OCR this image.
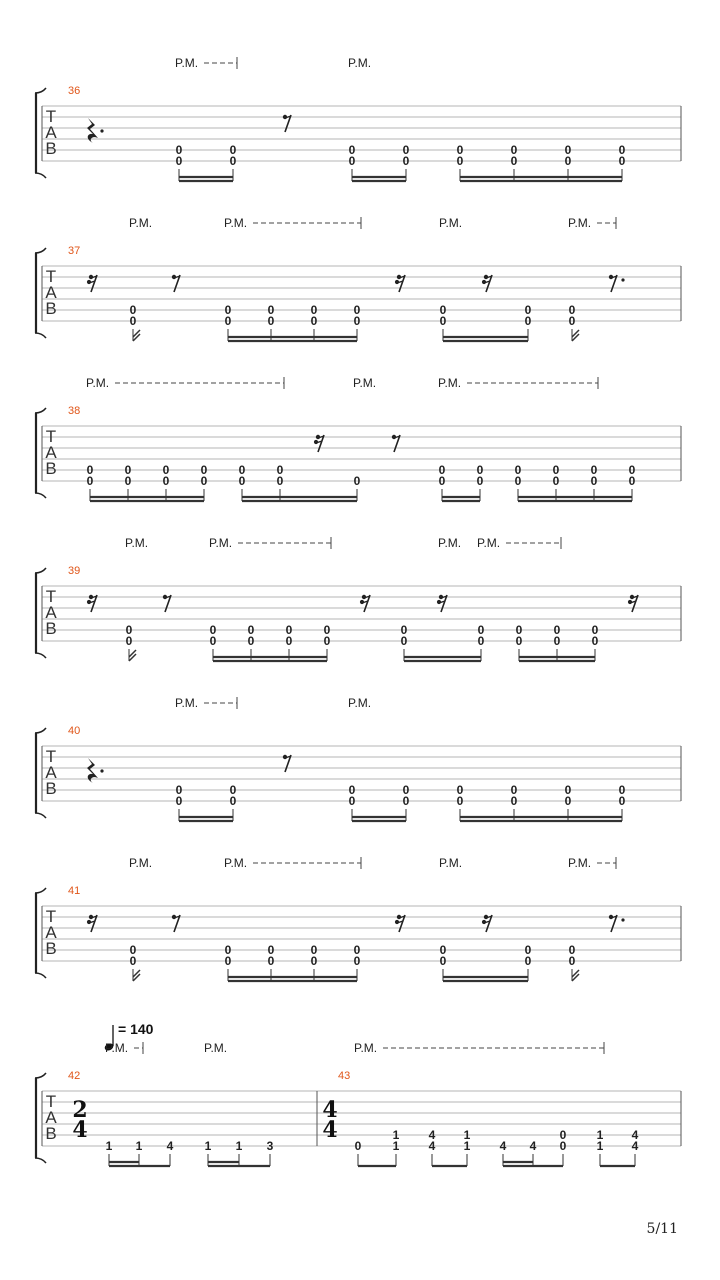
T
A
B
36
P.M.	P.M.
0
0
0
0
0
0
0
0
0
0
0
0
0
0
0
0
T
A
B
37
P.M.	P.M.	P.M.	P.M.
0
0
0
0
0
0
0
0
0
0
0
0
0
0
0
0
T
A
B
38
P.M.	P.M.	P.M.
0
0
0
0
0
0
0
0
0
0
0
0	0
0
0
0
0
0
0
0
0
0
0
0
0
T
A
B
39
P.M.	P.M.	P.M. P.M.
0
0
0
0
0
0
0
0
0
0
0
0
0
0
0
0
0
0
0
0
T
A
B
40
P.M.	P.M.
0
0
0
0
0
0
0
0
0
0
0
0
0
0
0
0
T
A
B
41
P.M.	P.M.	P.M.	P.M.
0
0
0
0
0
0
0
0
0
0
0
0
0
0
0
0
T
A
B
42
2
4
43
4
4
= 140
P.M.	P.M.	P.M.
1 1 4	1 1 3	0
1
1
4
4
1
1 4 4
0
0
1
1
4
4
5/11
